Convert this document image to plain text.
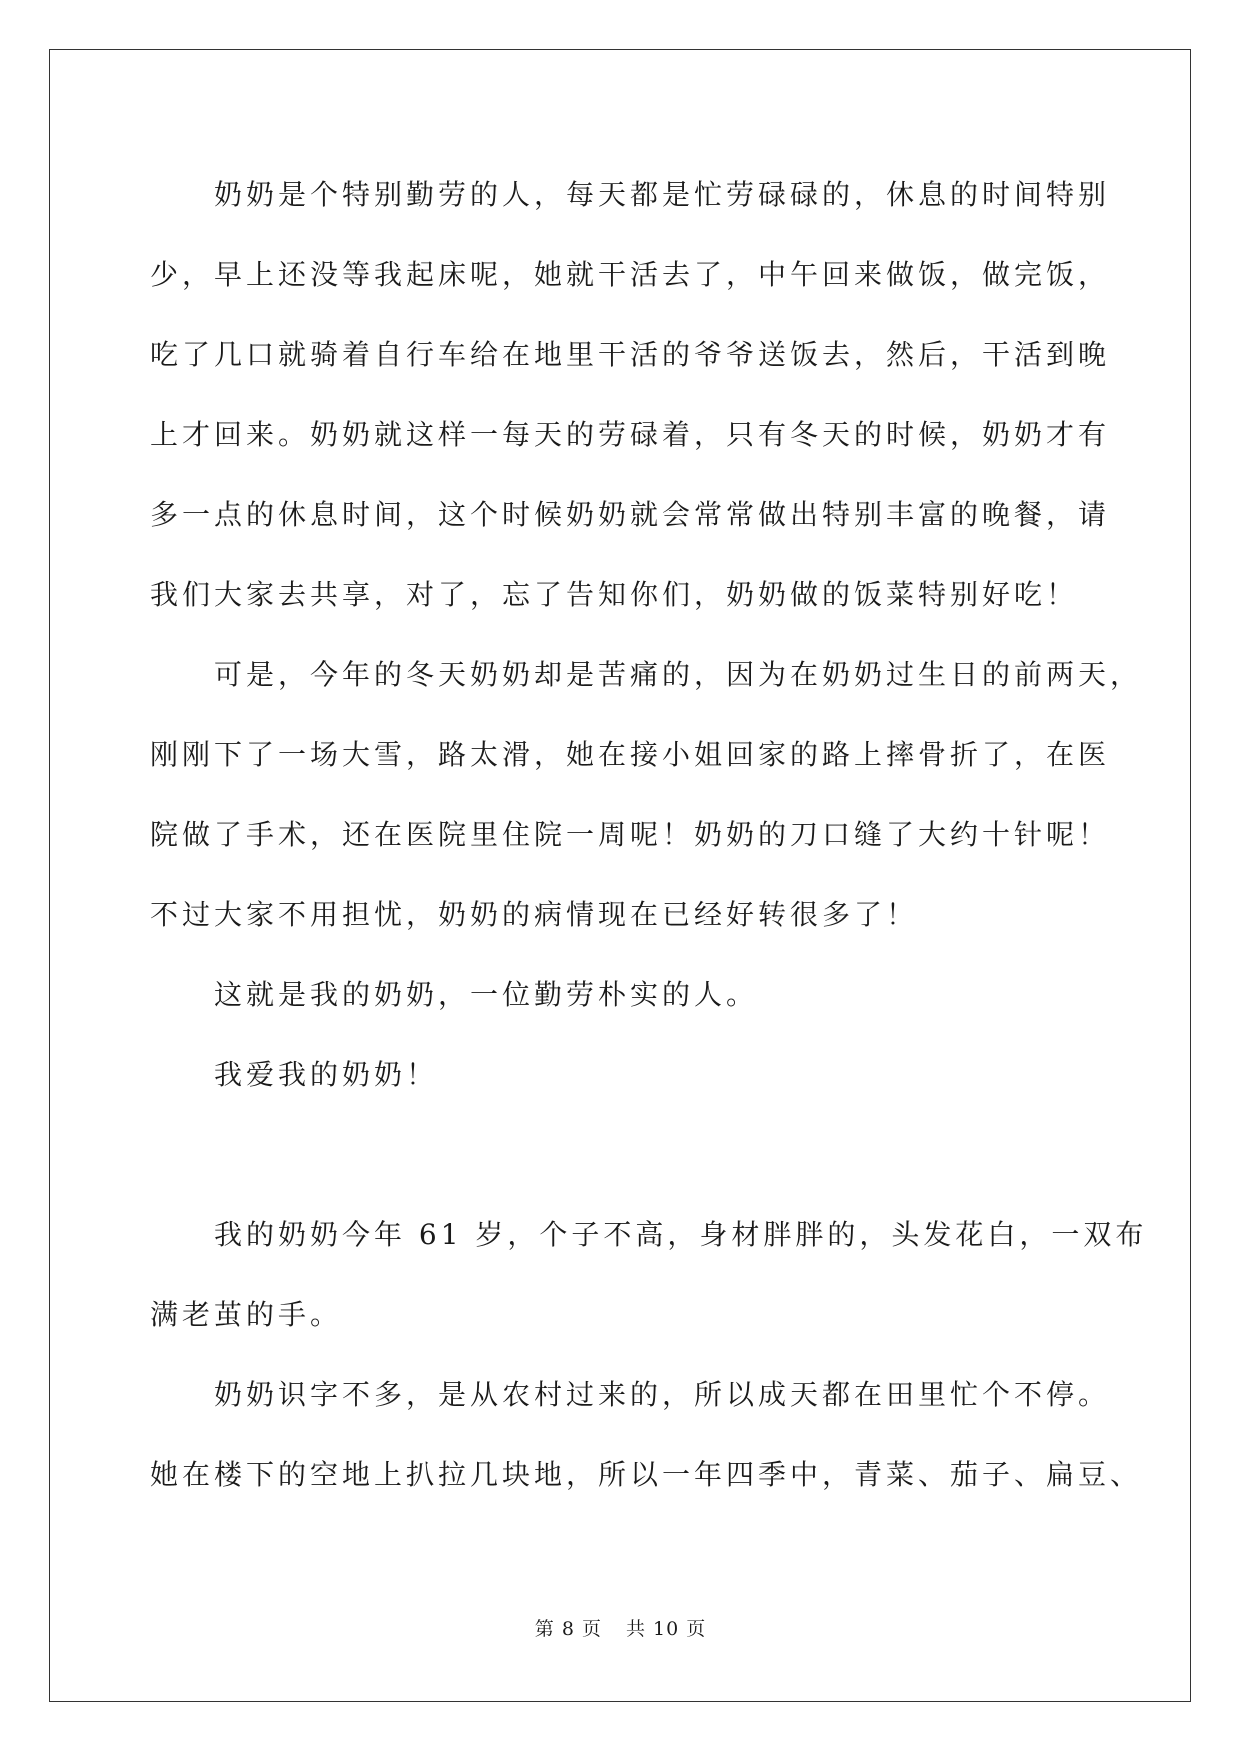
奶奶是个特别勤劳的人，每天都是忙劳碌碌的，休息的时间特别
少，早上还没等我起床呢，她就干活去了，中午回来做饭，做完饭，
吃了几口就骑着自行车给在地里干活的爷爷送饭去，然后，干活到晚
上才回来。奶奶就这样一每天的劳碌着，只有冬天的时候，奶奶才有
多一点的休息时间，这个时候奶奶就会常常做出特别丰富的晚餐，请
我们大家去共享，对了，忘了告知你们，奶奶做的饭菜特别好吃！

可是，今年的冬天奶奶却是苦痛的，因为在奶奶过生日的前两天，
刚刚下了一场大雪，路太滑，她在接小姐回家的路上摔骨折了，在医
院做了手术，还在医院里住院一周呢！奶奶的刀口缝了大约十针呢！
不过大家不用担忧，奶奶的病情现在已经好转很多了！

这就是我的奶奶，一位勤劳朴实的人。

我爱我的奶奶！

我的奶奶今年 61 岁，个子不高，身材胖胖的，头发花白，一双布
满老茧的手。

奶奶识字不多，是从农村过来的，所以成天都在田里忙个不停。
她在楼下的空地上扒拉几块地，所以一年四季中，青菜、茄子、扁豆、

第 8 页 共 10 页
